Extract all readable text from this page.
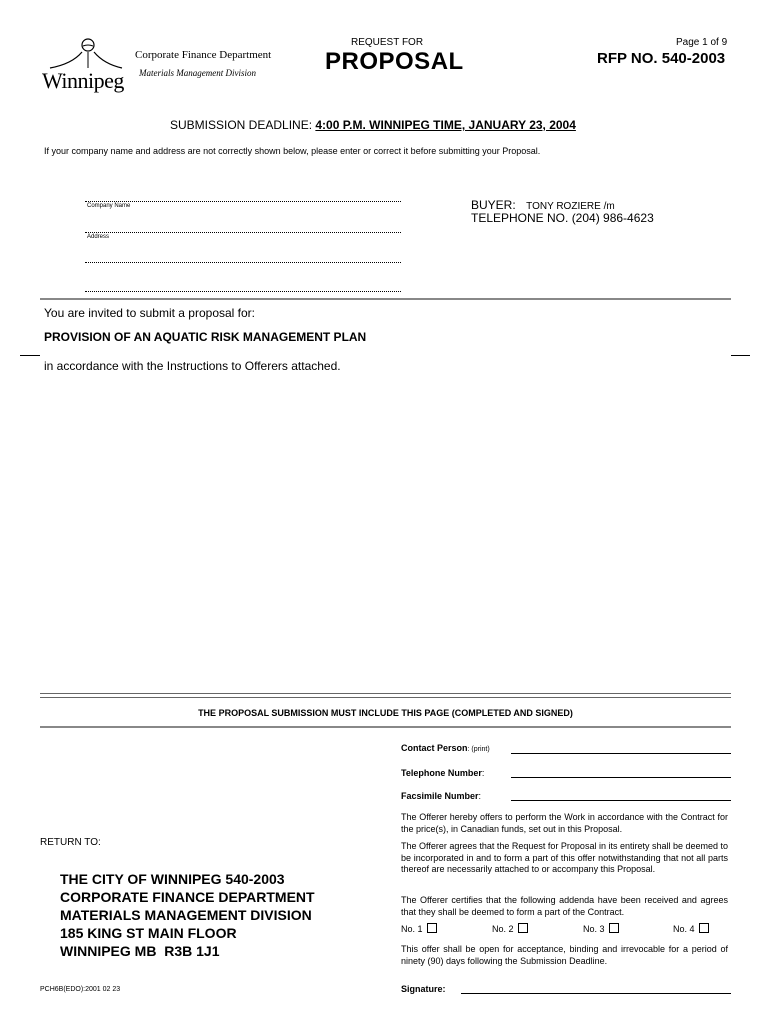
Winnipeg
Corporate Finance Department
Materials Management Division
REQUEST FOR
PROPOSAL
Page 1 of 9
RFP NO. 540-2003
SUBMISSION DEADLINE: 4:00 P.M. WINNIPEG TIME, JANUARY 23, 2004
If your company name and address are not correctly shown below, please enter or correct it before submitting your Proposal.
Company Name
Address
BUYER: TONY ROZIERE /m
TELEPHONE NO. (204) 986-4623
You are invited to submit a proposal for:
PROVISION OF AN AQUATIC RISK MANAGEMENT PLAN
in accordance with the Instructions to Offerers attached.
THE PROPOSAL SUBMISSION MUST INCLUDE THIS PAGE (COMPLETED AND SIGNED)
Contact Person: (print)
Telephone Number:
Facsimile Number:
The Offerer hereby offers to perform the Work in accordance with the Contract for the price(s), in Canadian funds, set out in this Proposal.
The Offerer agrees that the Request for Proposal in its entirety shall be deemed to be incorporated in and to form a part of this offer notwithstanding that not all parts thereof are necessarily attached to or accompany this Proposal.
The Offerer certifies that the following addenda have been received and agrees that they shall be deemed to form a part of the Contract.
No. 1	No. 2	No. 3	No. 4
This offer shall be open for acceptance, binding and irrevocable for a period of ninety (90) days following the Submission Deadline.
Signature:
RETURN TO:
THE CITY OF WINNIPEG 540-2003
CORPORATE FINANCE DEPARTMENT
MATERIALS MANAGEMENT DIVISION
185 KING ST MAIN FLOOR
WINNIPEG MB  R3B 1J1
PCH6B(EDO):2001 02 23
